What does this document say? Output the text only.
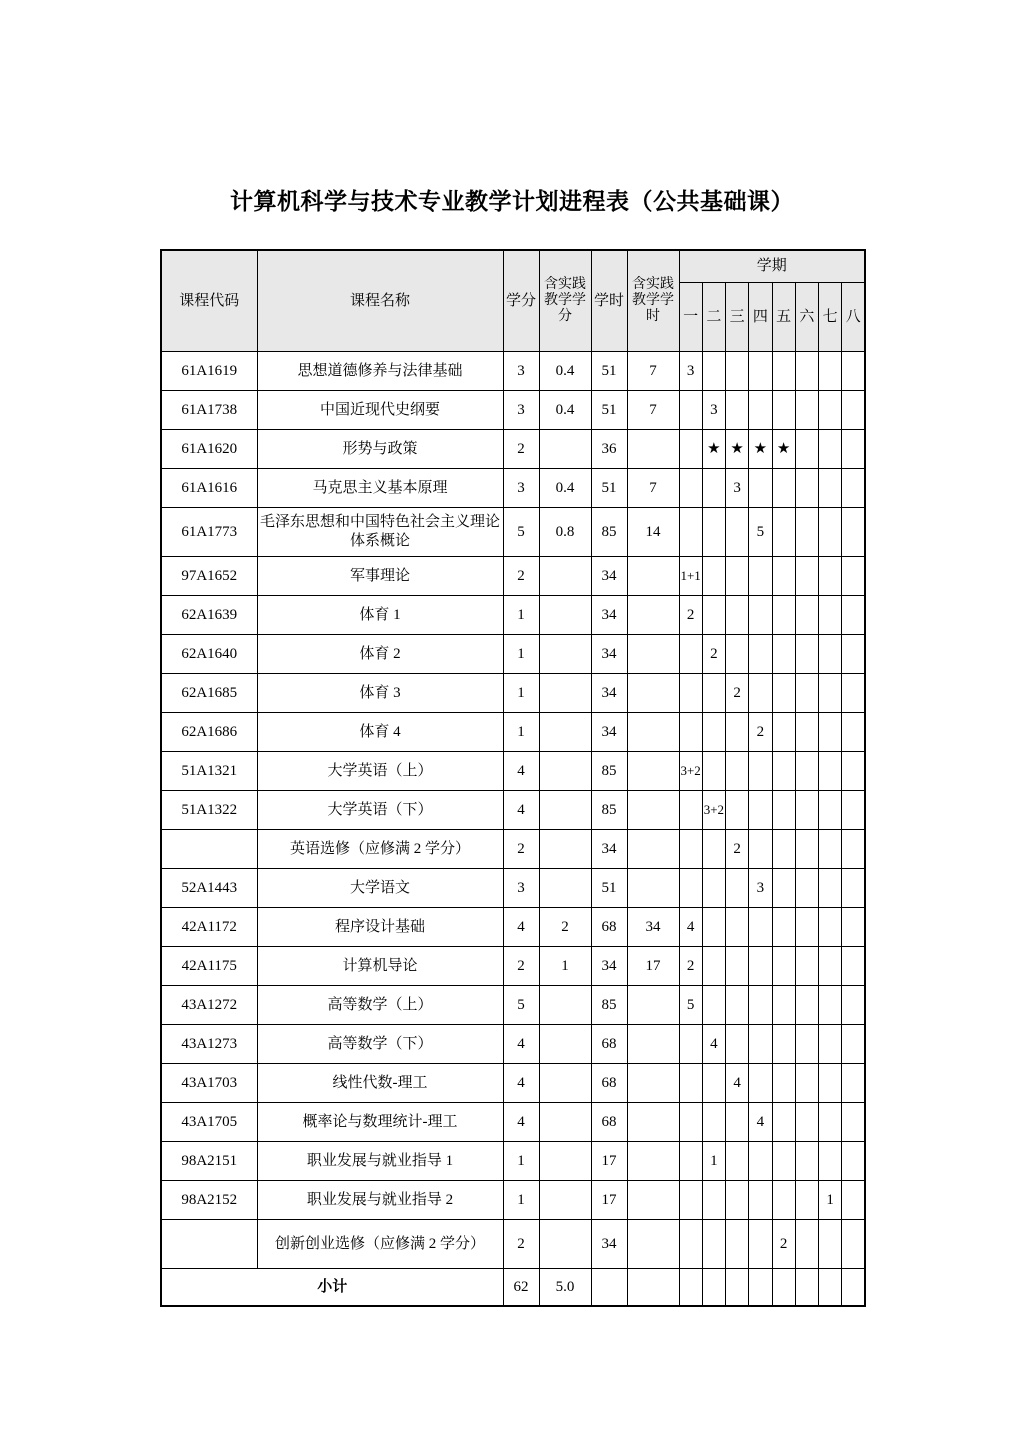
计算机科学与技术专业教学计划进程表（公共基础课）
课程代码	课程名称	学分	含实践教学学分	学时	含实践教学学时	学期							
						一	二	三	四	五	六	七	八
61A1619	思想道德修养与法律基础	3	0.4	51	7	3							
61A1738	中国近现代史纲要	3	0.4	51	7		3						
61A1620	形势与政策	2		36			★	★	★	★			
61A1616	马克思主义基本原理	3	0.4	51	7			3					
61A1773	毛泽东思想和中国特色社会主义理论体系概论	5	0.8	85	14				5				
97A1652	军事理论	2		34		1+1							
62A1639	体育 1	1		34		2							
62A1640	体育 2	1		34			2						
62A1685	体育 3	1		34				2					
62A1686	体育 4	1		34					2				
51A1321	大学英语（上）	4		85		3+2							
51A1322	大学英语（下）	4		85			3+2						
	英语选修（应修满 2 学分）	2		34				2					
52A1443	大学语文	3		51					3				
42A1172	程序设计基础	4	2	68	34	4							
42A1175	计算机导论	2	1	34	17	2							
43A1272	高等数学（上）	5		85		5							
43A1273	高等数学（下）	4		68			4						
43A1703	线性代数-理工	4		68				4					
43A1705	概率论与数理统计-理工	4		68					4				
98A2151	职业发展与就业指导 1	1		17			1						
98A2152	职业发展与就业指导 2	1		17								1	
	创新创业选修（应修满 2 学分）	2		34						2			
小计		62	5.0										
